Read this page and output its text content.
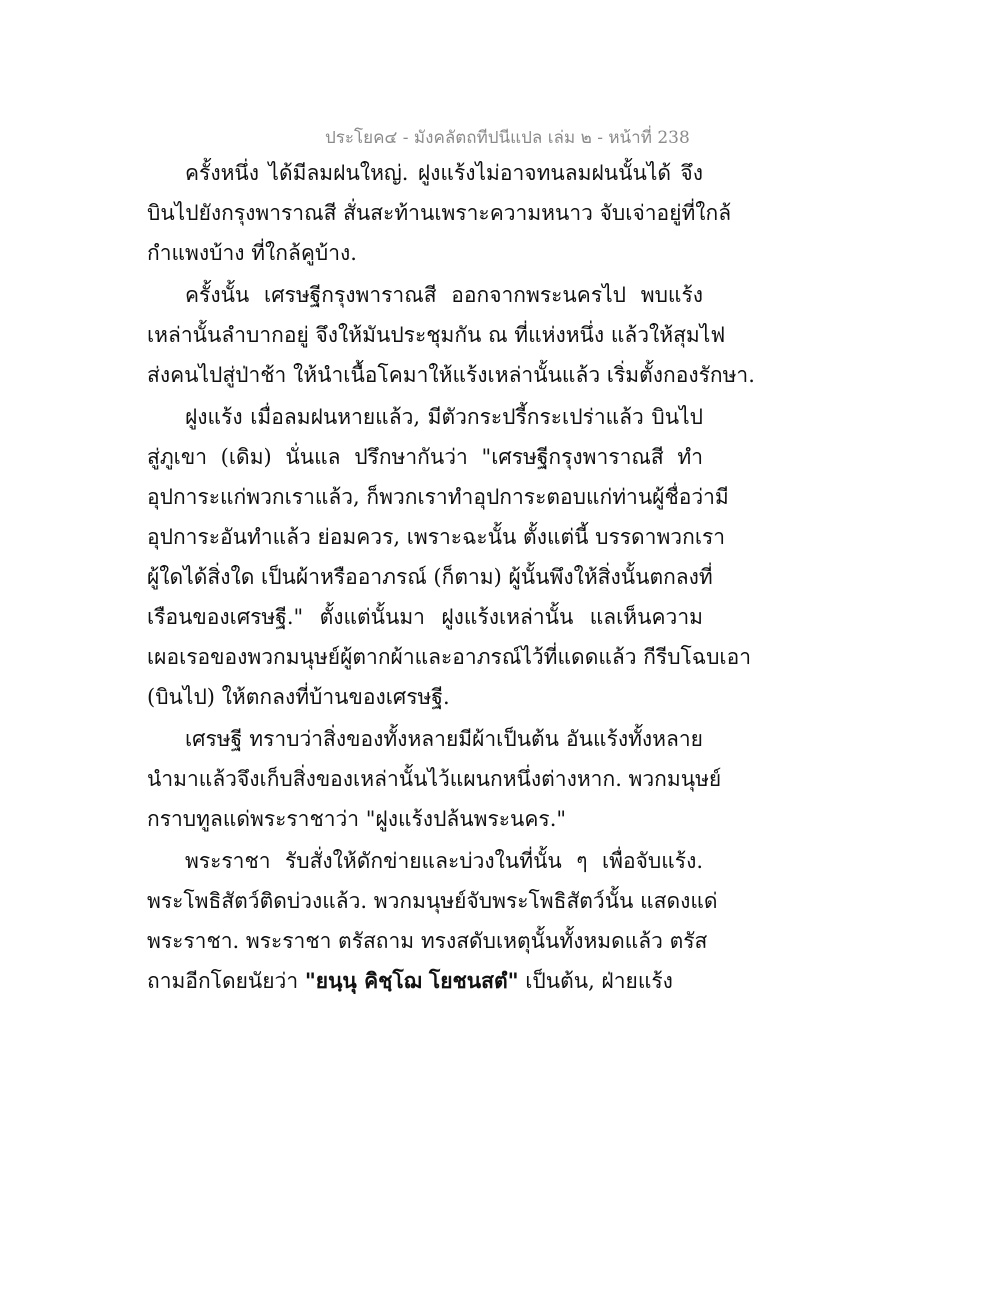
ประโยค๔ - มังคลัตถทีปนีแปล เล่ม ๒ - หน้าที่ 238
ครั้งหนึ่ง ได้มีลมฝนใหญ่. ฝูงแร้งไม่อาจทนลมฝนนั้นได้ จึง
บินไปยังกรุงพาราณสี สั่นสะท้านเพราะความหนาว จับเจ่าอยู่ที่ใกล้
กำแพงบ้าง ที่ใกล้คูบ้าง.
ครั้งนั้น เศรษฐีกรุงพาราณสี ออกจากพระนครไป พบแร้ง
เหล่านั้นลำบากอยู่ จึงให้มันประชุมกัน ณ ที่แห่งหนึ่ง แล้วให้สุมไฟ
ส่งคนไปสู่ป่าช้า ให้นำเนื้อโคมาให้แร้งเหล่านั้นแล้ว เริ่มตั้งกองรักษา.
ฝูงแร้ง เมื่อลมฝนหายแล้ว, มีตัวกระปรี้กระเปร่าแล้ว บินไป
สู่ภูเขา (เดิม) นั่นแล ปรึกษากันว่า "เศรษฐีกรุงพาราณสี ทำ
อุปการะแก่พวกเราแล้ว, ก็พวกเราทำอุปการะตอบแก่ท่านผู้ชื่อว่ามี
อุปการะอันทำแล้ว ย่อมควร, เพราะฉะนั้น ตั้งแต่นี้ บรรดาพวกเรา
ผู้ใดได้สิ่งใด เป็นผ้าหรืออาภรณ์ (ก็ตาม) ผู้นั้นพึงให้สิ่งนั้นตกลงที่
เรือนของเศรษฐี." ตั้งแต่นั้นมา ฝูงแร้งเหล่านั้น แลเห็นความ
เผอเรอของพวกมนุษย์ผู้ตากผ้าและอาภรณ์ไว้ที่แดดแล้ว กีรีบโฉบเอา
(บินไป) ให้ตกลงที่บ้านของเศรษฐี.
เศรษฐี ทราบว่าสิ่งของทั้งหลายมีผ้าเป็นต้น อันแร้งทั้งหลาย
นำมาแล้วจึงเก็บสิ่งของเหล่านั้นไว้แผนกหนึ่งต่างหาก. พวกมนุษย์
กราบทูลแด่พระราชาว่า "ฝูงแร้งปล้นพระนคร."
พระราชา รับสั่งให้ดักข่ายและบ่วงในที่นั้น ๆ เพื่อจับแร้ง.
พระโพธิสัตว์ติดบ่วงแล้ว. พวกมนุษย์จับพระโพธิสัตว์นั้น แสดงแด่
พระราชา. พระราชา ตรัสถาม ทรงสดับเหตุนั้นทั้งหมดแล้ว ตรัส
ถามอีกโดยนัยว่า "ยนฺนุ คิชฺโฌ โยชนสตํ" เป็นต้น, ฝ่ายแร้ง
